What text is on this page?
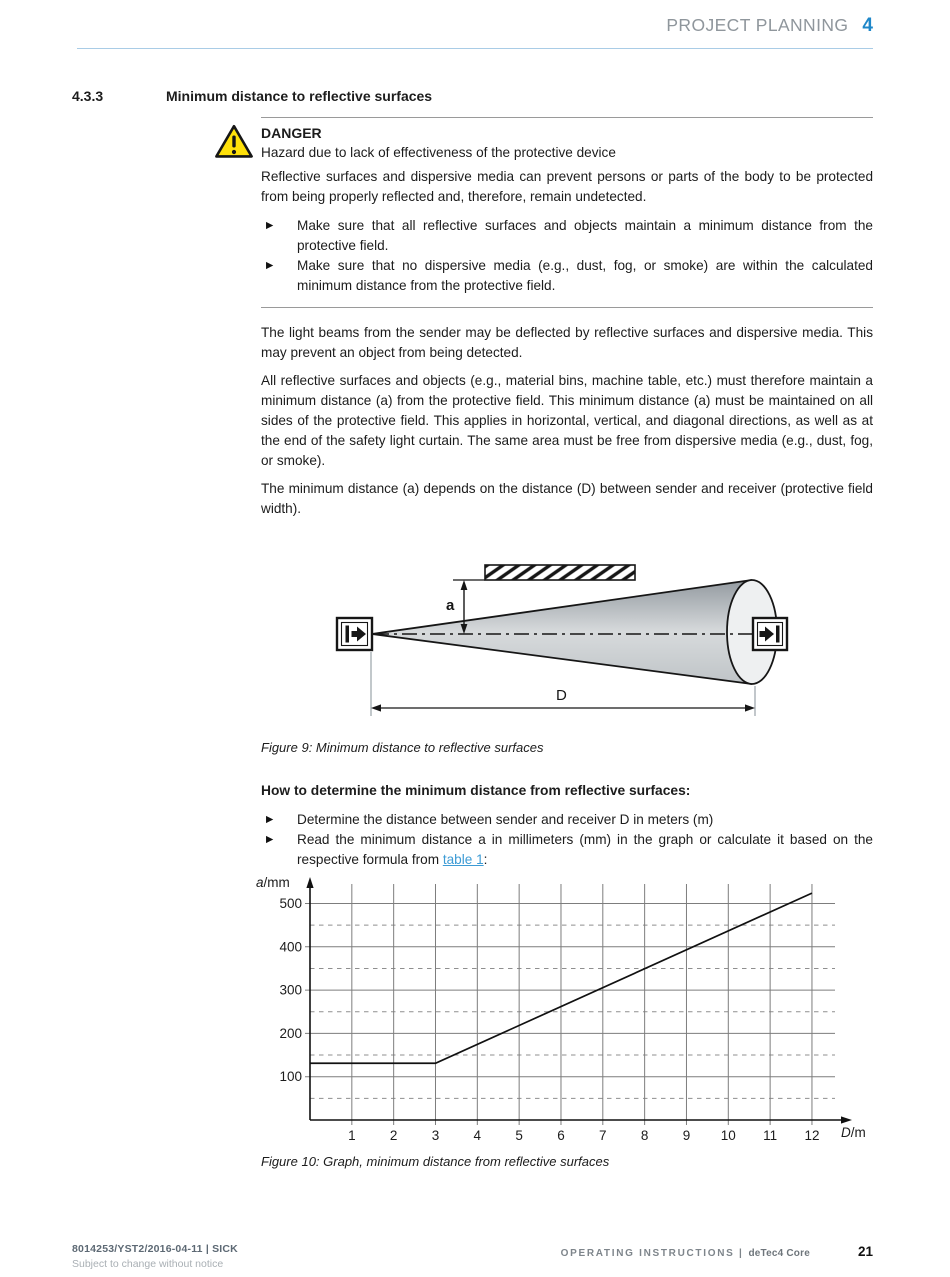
PROJECT PLANNING 4
4.3.3	Minimum distance to reflective surfaces
DANGER
Hazard due to lack of effectiveness of the protective device
Reflective surfaces and dispersive media can prevent persons or parts of the body to be protected from being properly reflected and, therefore, remain undetected.
▶	Make sure that all reflective surfaces and objects maintain a minimum distance from the protective field.
▶	Make sure that no dispersive media (e.g., dust, fog, or smoke) are within the calculated minimum distance from the protective field.

The light beams from the sender may be deflected by reflective surfaces and dispersive media. This may prevent an object from being detected.

All reflective surfaces and objects (e.g., material bins, machine table, etc.) must therefore maintain a minimum distance (a) from the protective field. This minimum distance (a) must be maintained on all sides of the protective field. This applies in horizontal, vertical, and diagonal directions, as well as at the end of the safety light curtain. The same area must be free from dispersive media (e.g., dust, fog, or smoke).

The minimum distance (a) depends on the distance (D) between sender and receiver (protective field width).

a
D
Figure 9: Minimum distance to reflective surfaces
How to determine the minimum distance from reflective surfaces:
▶	Determine the distance between sender and receiver D in meters (m)
▶	Read the minimum distance a in millimeters (mm) in the graph or calculate it based on the respective formula from table 1:
100
200
300
400
500
1	2	3	4	5	6	7	8	9 10 11 12
a/mm
D/m
Figure 10: Graph, minimum distance from reflective surfaces
8014253/YST2/2016-04-11 | SICK
Subject to change without notice
OPERATING INSTRUCTIONS | deTec4 Core	21
